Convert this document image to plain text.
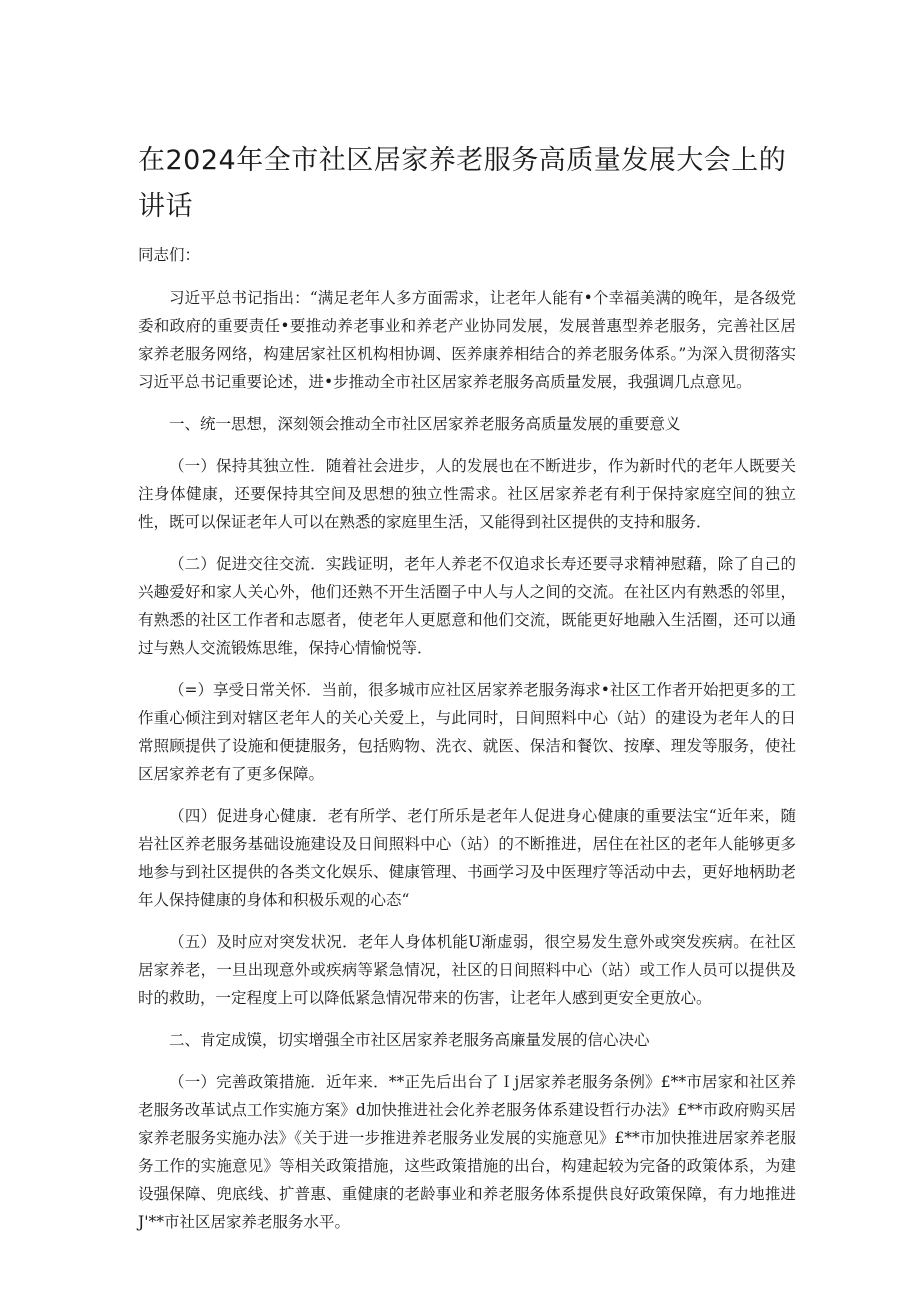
在2024年全市社区居家养老服务高质量发展大会上的讲话

同志们：

习近平总书记指出：“满足老年人多方面需求，让老年人能有•个幸福美满的晚年，是各级党委和政府的重要责任•要推动养老事业和养老产业协同发展，发展普惠型养老服务，完善社区居家养老服务网络，构建居家社区机构相协调、医养康养相结合的养老服务体系。”为深入贯彻落实习近平总书记重要论述，进•步推动全市社区居家养老服务高质量发展，我强调几点意见。

一、统一思想，深刻领会推动全市社区居家养老服务高质量发展的重要意义

（一）保持其独立性．随着社会进步，人的发展也在不断进步，作为新时代的老年人既要关注身体健康，还要保持其空间及思想的独立性需求。社区居家养老有利于保持家庭空间的独立性，既可以保证老年人可以在熟悉的家庭里生活，又能得到社区提供的支持和服务．

（二）促进交往交流．实践证明，老年人养老不仅追求长寿还要寻求精神慰藉，除了自己的兴趣爱好和家人关心外，他们还熟不开生活圈子中人与人之间的交流。在社区内有熟悉的邻里，有熟悉的社区工作者和志愿者，使老年人更愿意和他们交流，既能更好地融入生活圈，还可以通过与熟人交流锻炼思维，保持心情愉悦等．

（=）享受日常关怀．当前，很多城市应社区居家养老服务海求•社区工作者开始把更多的工作重心倾注到对辖区老年人的关心关爱上，与此同时，日间照料中心（站）的建设为老年人的日常照顾提供了设施和便捷服务，包括购物、洗衣、就医、保洁和餐饮、按摩、理发等服务，使社区居家养老有了更多保障。

（四）促进身心健康．老有所学、老仃所乐是老年人促进身心健康的重要法宝“近年来，随岩社区养老服务基础设施建设及日间照料中心（站）的不断推进，居住在社区的老年人能够更多地参与到社区提供的各类文化娱乐、健康管理、书画学习及中医理疗等活动中去，更好地柄助老年人保持健康的身体和积极乐观的心态“

（五）及时应对突发状况．老年人身体机能U渐虚弱，很空易发生意外或突发疾病。在社区居家养老，一旦出现意外或疾病等紧急情况，社区的日间照料中心（站）或工作人员可以提供及时的救助，一定程度上可以降低紧急情况带来的伤害，让老年人感到更安全更放心。

二、肯定成馍，切实增强全市社区居家养老服务高廉量发展的信心决心

（一）完善政策措施．近年来．**正先后出台了Ｉj居家养老服务条例》£**市居家和社区养老服务改革试点工作实施方案》d加快推进社会化养老服务体系建设哲行办法》£**市政府购买居家养老服务实施办法》《关于进一步推进养老服务业发展的实施意见》£**市加快推进居家养老服务工作的实施意见》等相关政策措施，这些政策措施的出台，构建起较为完备的政策体系，为建设强保障、兜底线、扩普惠、重健康的老龄事业和养老服务体系提供良好政策保障，有力地推进J'**市社区居家养老服务水平。
